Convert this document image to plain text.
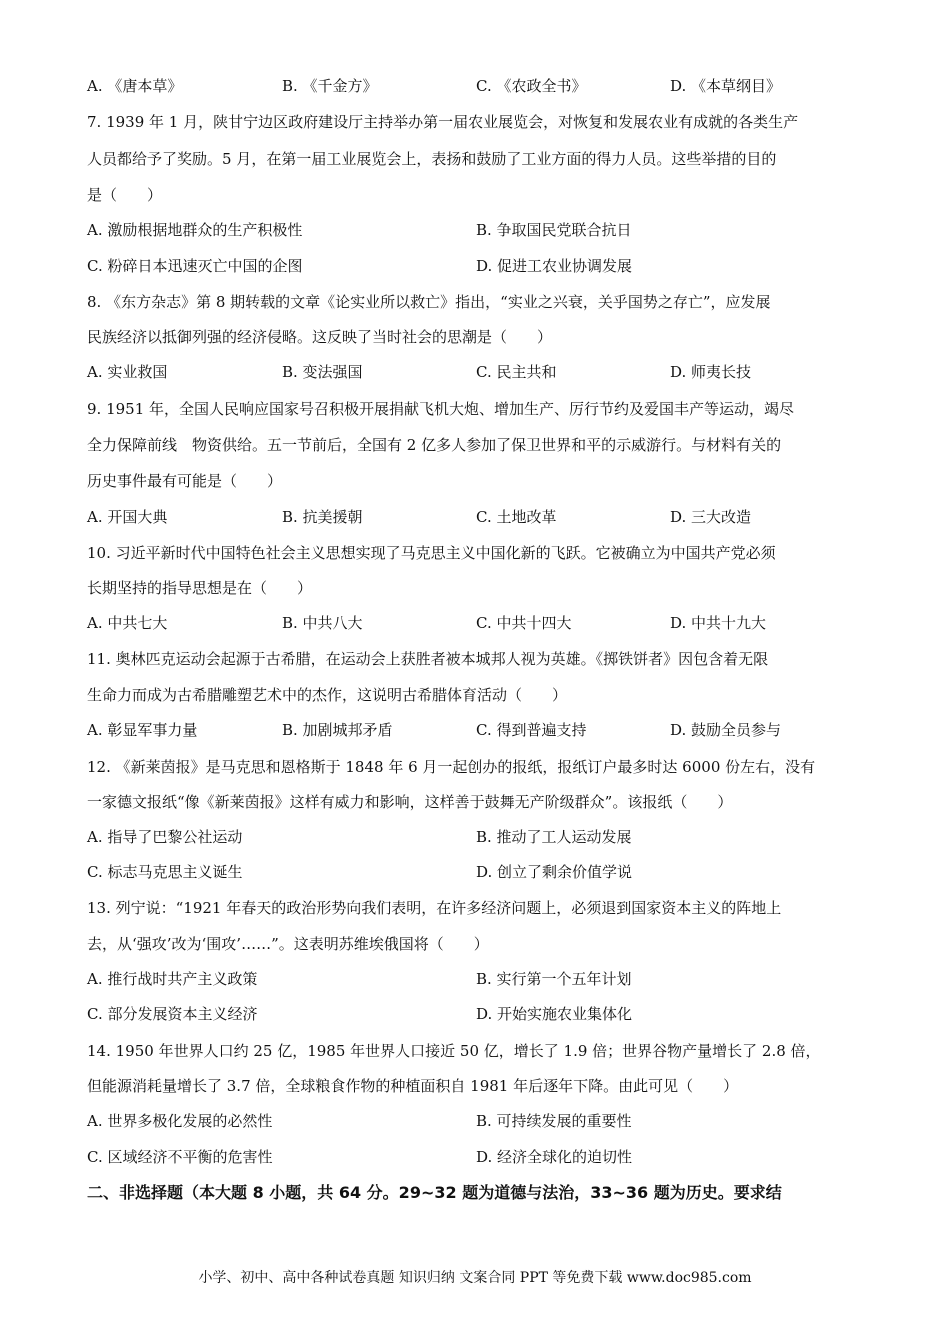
A. 《唐本草》	B. 《千金方》	C. 《农政全书》	D. 《本草纲目》
7. 1939 年 1 月，陕甘宁边区政府建设厅主持举办第一届农业展览会，对恢复和发展农业有成就的各类生产
人员都给予了奖励。5 月，在第一届工业展览会上，表扬和鼓励了工业方面的得力人员。这些举措的目的
是（　　）
A. 激励根据地群众的生产积极性	B. 争取国民党联合抗日
C. 粉碎日本迅速灭亡中国的企图	D. 促进工农业协调发展
8. 《东方杂志》第 8 期转载的文章《论实业所以救亡》指出，“实业之兴衰，关乎国势之存亡”，应发展
民族经济以抵御列强的经济侵略。这反映了当时社会的思潮是（　　）
A. 实业救国	B. 变法强国	C. 民主共和	D. 师夷长技
9. 1951 年，全国人民响应国家号召积极开展捐献飞机大炮、增加生产、厉行节约及爱国丰产等运动，竭尽
全力保障前线　物资供给。五一节前后，全国有 2 亿多人参加了保卫世界和平的示威游行。与材料有关的
历史事件最有可能是（　　）
A. 开国大典	B. 抗美援朝	C. 土地改革	D. 三大改造
10. 习近平新时代中国特色社会主义思想实现了马克思主义中国化新的飞跃。它被确立为中国共产党必须
长期坚持的指导思想是在（　　）
A. 中共七大	B. 中共八大	C. 中共十四大	D. 中共十九大
11. 奥林匹克运动会起源于古希腊，在运动会上获胜者被本城邦人视为英雄。《掷铁饼者》因包含着无限
生命力而成为古希腊雕塑艺术中的杰作，这说明古希腊体育活动（　　）
A. 彰显军事力量	B. 加剧城邦矛盾	C. 得到普遍支持	D. 鼓励全员参与
12. 《新莱茵报》是马克思和恩格斯于 1848 年 6 月一起创办的报纸，报纸订户最多时达 6000 份左右，没有
一家德文报纸“像《新莱茵报》这样有威力和影响，这样善于鼓舞无产阶级群众”。该报纸（　　）
A. 指导了巴黎公社运动	B. 推动了工人运动发展
C. 标志马克思主义诞生	D. 创立了剩余价值学说
13. 列宁说：“1921 年春天的政治形势向我们表明，在许多经济问题上，必须退到国家资本主义的阵地上
去，从‘强攻’改为‘围攻’……”。这表明苏维埃俄国将（　　）
A. 推行战时共产主义政策	B. 实行第一个五年计划
C. 部分发展资本主义经济	D. 开始实施农业集体化
14. 1950 年世界人口约 25 亿，1985 年世界人口接近 50 亿，增长了 1.9 倍；世界谷物产量增长了 2.8 倍，
但能源消耗量增长了 3.7 倍，全球粮食作物的种植面积自 1981 年后逐年下降。由此可见（　　）
A. 世界多极化发展的必然性	B. 可持续发展的重要性
C. 区域经济不平衡的危害性	D. 经济全球化的迫切性
二、非选择题（本大题 8 小题，共 64 分。29~32 题为道德与法治，33~36 题为历史。要求结
小学、初中、高中各种试卷真题 知识归纳 文案合同 PPT 等免费下载 www.doc985.com
